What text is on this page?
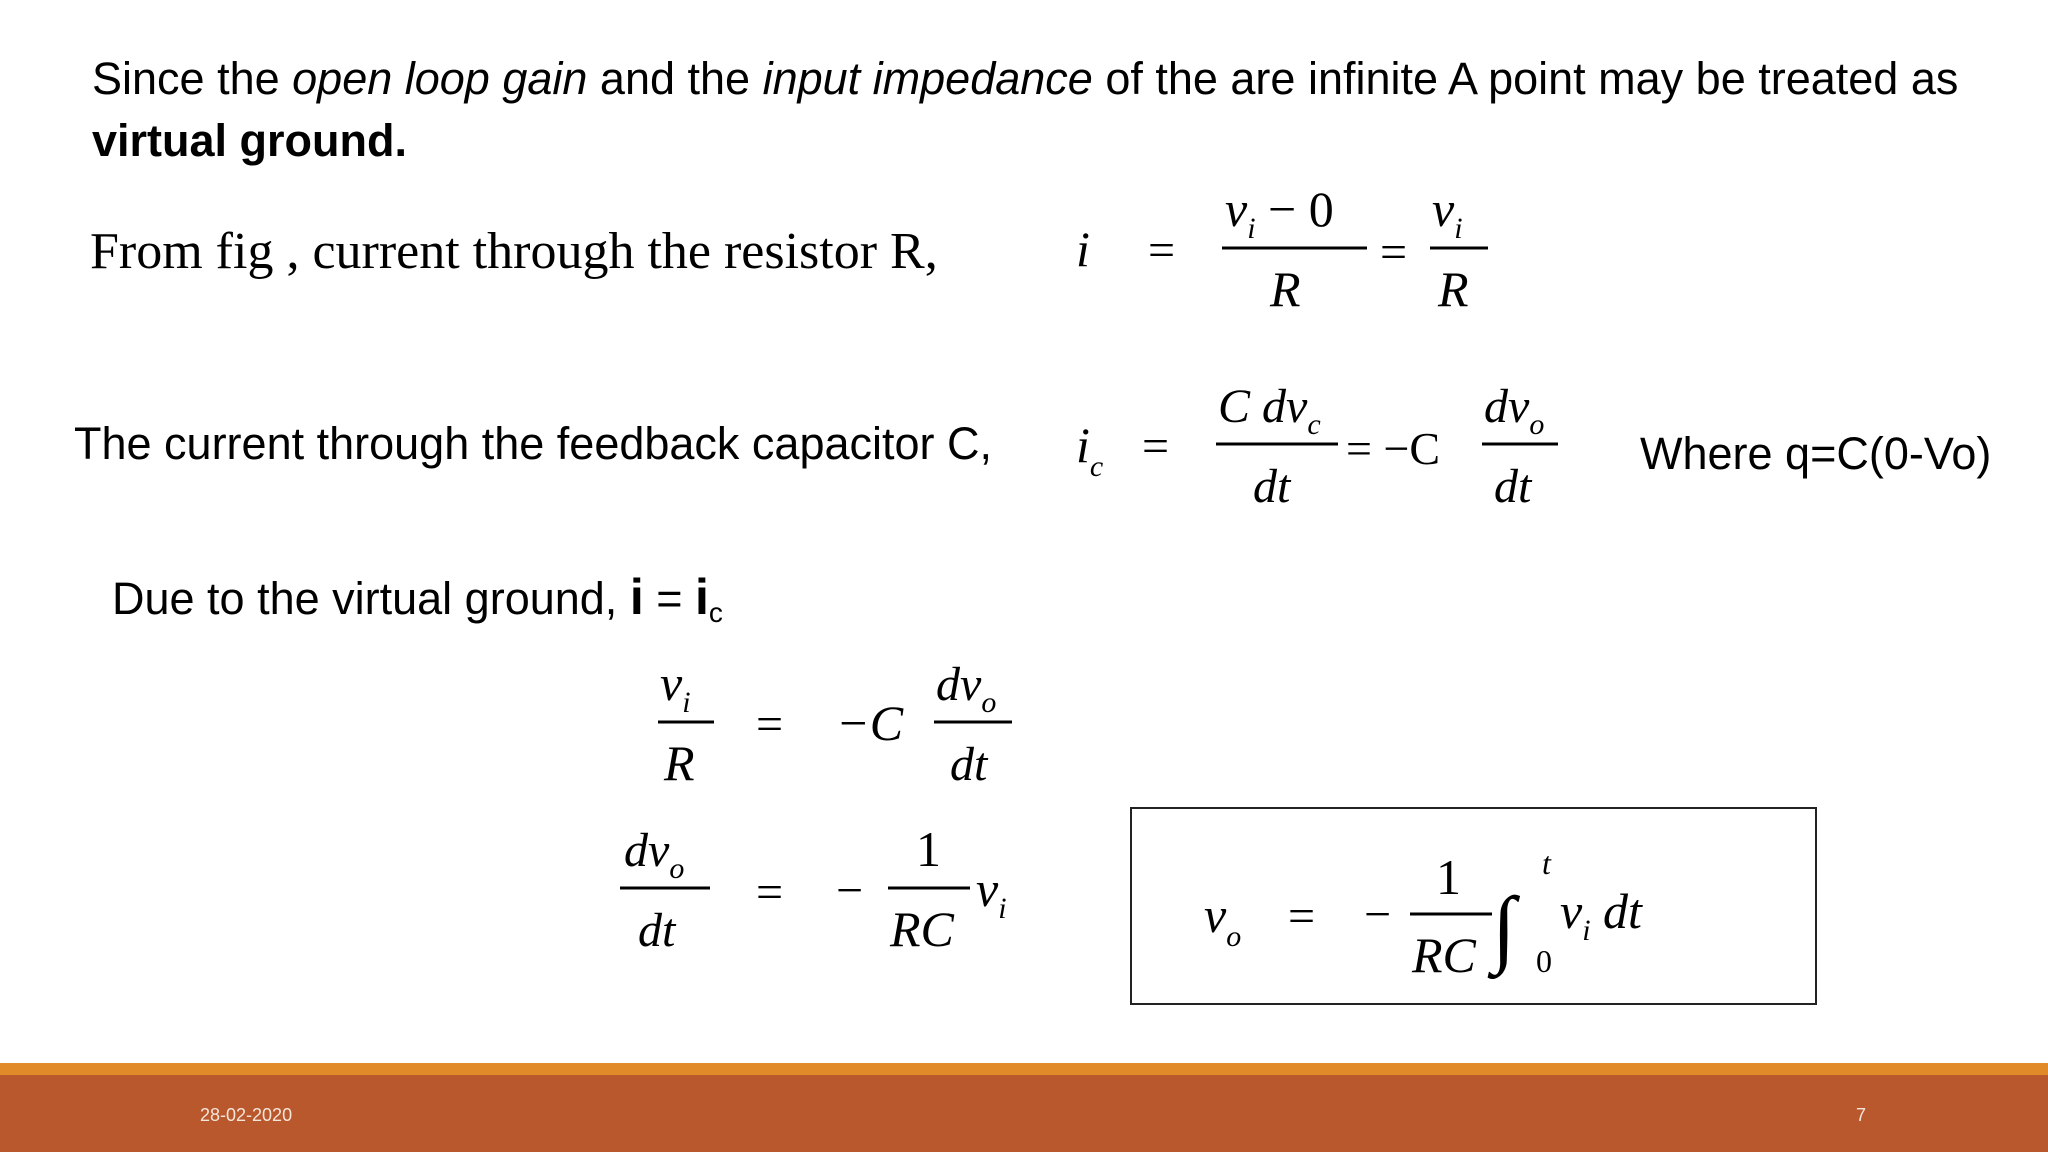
Since the open loop gain and the input impedance of the are infinite A point may be treated as virtual ground.
From fig , current through the resistor R,	i =
$v_i - 0$
R
=
$v_i$
R
The current through the feedback capacitor C, $i_c$ =
C $dv_c$
dt
= −C
$dv_o$
dt
Where q=C(0-Vo)
Due to the virtual ground, $i = i_c$
$v_i$
R
= −C
$dv_o$
dt
$dv_o$
dt
= −
1
RC
$v_i$	$v_o$ = −
1
RC ∫
t
0
$v_i$ dt
28-02-2020	7
